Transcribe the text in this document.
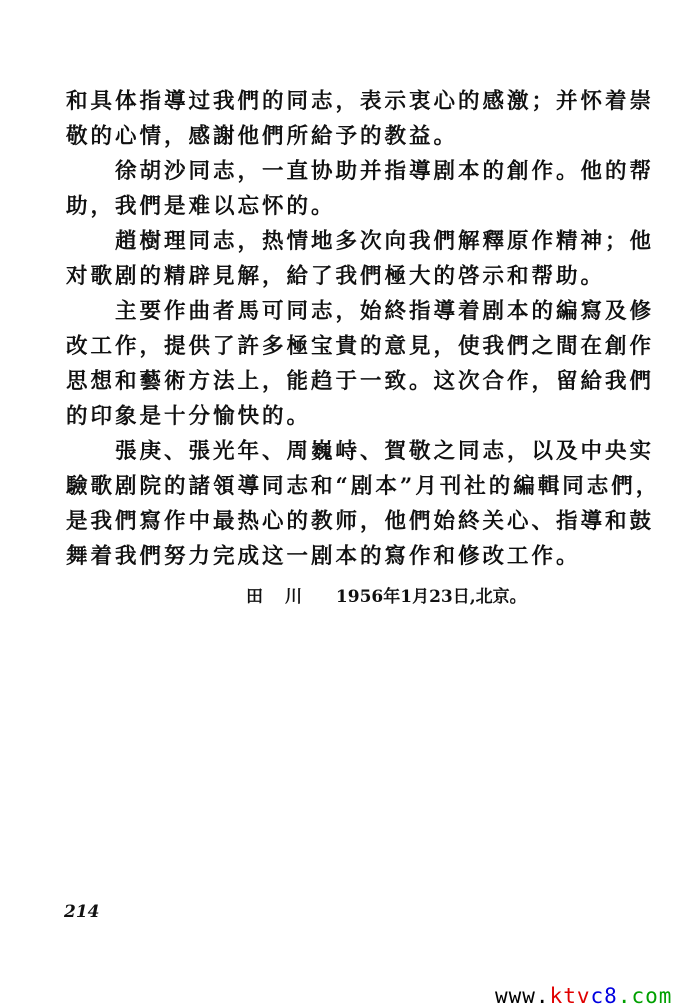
和具体指導过我們的同志，表示衷心的感激；并怀着崇
敬的心情，感謝他們所給予的教益。
徐胡沙同志，一直协助并指導剧本的創作。他的帮
助，我們是难以忘怀的。
趙樹理同志，热情地多次向我們解釋原作精神；他
对歌剧的精辟見解，給了我們極大的啓示和帮助。
主要作曲者馬可同志，始終指導着剧本的編寫及修
改工作，提供了許多極宝貴的意見，使我們之間在創作
思想和藝術方法上，能趋于一致。这次合作，留給我們
的印象是十分愉快的。
張庚、張光年、周巍峙、賀敬之同志，以及中央实
驗歌剧院的諸領導同志和“剧本”月刊社的編輯同志們，
是我們寫作中最热心的教师，他們始終关心、指導和鼓
舞着我們努力完成这一剧本的寫作和修改工作。
田川 1956年1月23日,北京。
214
www.ktvc8.com
